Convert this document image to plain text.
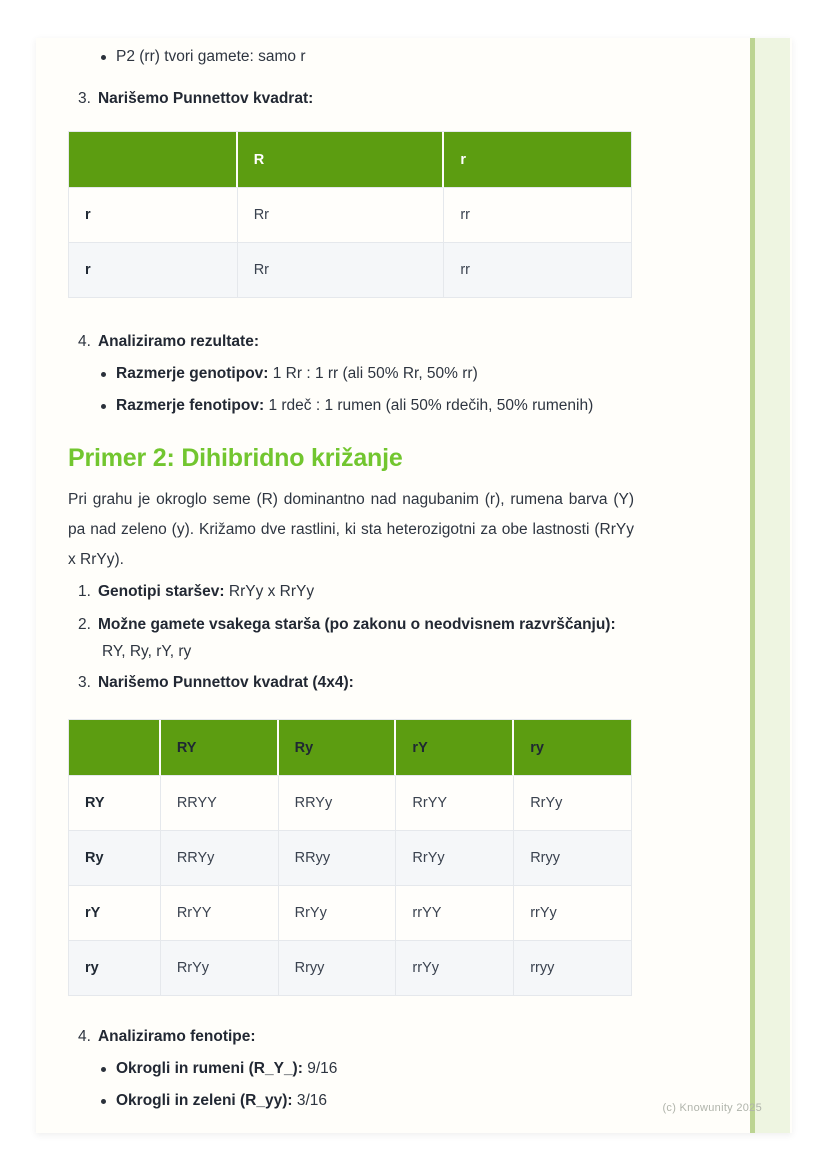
P2 (rr) tvori gamete: samo r
3. Narišemo Punnettov kvadrat:
	R	r
r	Rr	rr
r	Rr	rr
4. Analiziramo rezultate:
Razmerje genotipov: 1 Rr : 1 rr (ali 50% Rr, 50% rr)
Razmerje fenotipov: 1 rdeč : 1 rumen (ali 50% rdečih, 50% rumenih)
Primer 2: Dihibridno križanje
Pri grahu je okroglo seme (R) dominantno nad nagubanim (r), rumena barva (Y) pa nad zeleno (y). Križamo dve rastlini, ki sta heterozigotni za obe lastnosti (RrYy x RrYy).
1. Genotipi staršev: RrYy x RrYy
2. Možne gamete vsakega starša (po zakonu o neodvisnem razvrščanju):
RY, Ry, rY, ry
3. Narišemo Punnettov kvadrat (4x4):
	RY	Ry	rY	ry
RY	RRYY	RRYy	RrYY	RrYy
Ry	RRYy	RRyy	RrYy	Rryy
rY	RrYY	RrYy	rrYY	rrYy
ry	RrYy	Rryy	rrYy	rryy
4. Analiziramo fenotipe:
Okrogli in rumeni (R_Y_): 9/16
Okrogli in zeleni (R_yy): 3/16	(c) Knowunity 2025
